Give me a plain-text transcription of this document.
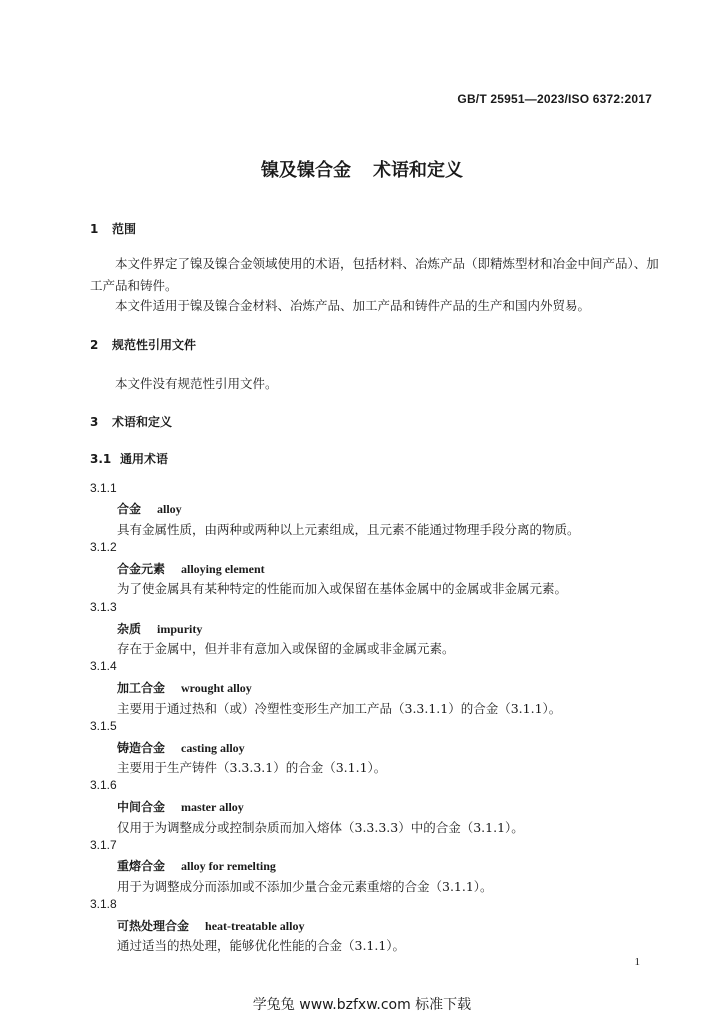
GB/T 25951—2023/ISO 6372:2017
镍及镍合金 术语和定义
1 范围
本文件界定了镍及镍合金领域使用的术语，包括材料、冶炼产品（即精炼型材和冶金中间产品）、加
工产品和铸件。
本文件适用于镍及镍合金材料、冶炼产品、加工产品和铸件产品的生产和国内外贸易。
2 规范性引用文件
本文件没有规范性引用文件。
3 术语和定义
3.1 通用术语
3.1.1
合金 alloy
具有金属性质，由两种或两种以上元素组成，且元素不能通过物理手段分离的物质。
3.1.2
合金元素 alloying element
为了使金属具有某种特定的性能而加入或保留在基体金属中的金属或非金属元素。
3.1.3
杂质 impurity
存在于金属中，但并非有意加入或保留的金属或非金属元素。
3.1.4
加工合金 wrought alloy
主要用于通过热和（或）冷塑性变形生产加工产品（3.3.1.1）的合金（3.1.1）。
3.1.5
铸造合金 casting alloy
主要用于生产铸件（3.3.3.1）的合金（3.1.1）。
3.1.6
中间合金 master alloy
仅用于为调整成分或控制杂质而加入熔体（3.3.3.3）中的合金（3.1.1）。
3.1.7
重熔合金 alloy for remelting
用于为调整成分而添加或不添加少量合金元素重熔的合金（3.1.1）。
3.1.8
可热处理合金 heat-treatable alloy
通过适当的热处理，能够优化性能的合金（3.1.1）。
1
学兔兔 www.bzfxw.com 标准下载
